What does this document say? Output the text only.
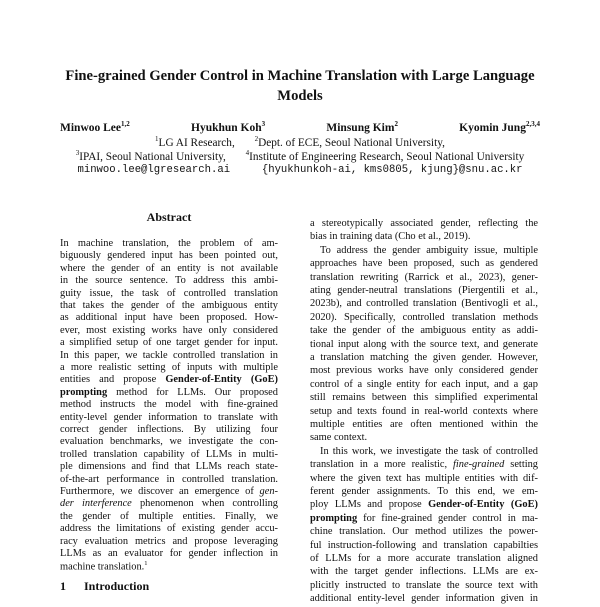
Fine-grained Gender Control in Machine Translation with Large Language
Models
Minwoo Lee$^{1,2}$	Hyukhun Koh$^3$	Minsung Kim$^2$	Kyomin Jung$^{2,3,4}$
$^1$LG AI Research,	$^2$Dept. of ECE, Seoul National University,
$^3$IPAI, Seoul National University,	$^4$Institute of Engineering Research, Seoul National University
minwoo.lee@lgresearch.ai	{hyukhunkoh-ai, kms0805, kjung}@snu.ac.kr
Abstract
In machine translation, the problem of am-
biguously gendered input has been pointed out,
where the gender of an entity is not available
in the source sentence. To address this ambi-
guity issue, the task of controlled translation
that takes the gender of the ambiguous entity
as additional input have been proposed. How-
ever, most existing works have only considered
a simplified setup of one target gender for input.
In this paper, we tackle controlled translation in
a more realistic setting of inputs with multiple
entities and propose Gender-of-Entity (GoE)
prompting method for LLMs. Our proposed
method instructs the model with fine-grained
entity-level gender information to translate with
correct gender inflections. By utilizing four
evaluation benchmarks, we investigate the con-
trolled translation capability of LLMs in multi-
ple dimensions and find that LLMs reach state-
of-the-art performance in controlled translation.
Furthermore, we discover an emergence of gen-
der interference phenomenon when controlling
the gender of multiple entities. Finally, we
address the limitations of existing gender accu-
racy evaluation metrics and propose leveraging
LLMs as an evaluator for gender inflection in
machine translation.$^1$
1 Introduction
a stereotypically associated gender, reflecting the
bias in training data (Cho et al., 2019).
To address the gender ambiguity issue, multiple
approaches have been proposed, such as gendered
translation rewriting (Rarrick et al., 2023), gener-
ating gender-neutral translations (Piergentili et al.,
2023b), and controlled translation (Bentivogli et al.,
2020). Specifically, controlled translation methods
take the gender of the ambiguous entity as addi-
tional input along with the source text, and generate
a translation matching the given gender. However,
most previous works have only considered gender
control of a single entity for each input, and a gap
still remains between this simplified experimental
setup and texts found in real-world contexts where
multiple entities are often mentioned within the
same context.
In this work, we investigate the task of controlled
translation in a more realistic, fine-grained setting
where the given text has multiple entities with dif-
ferent gender assignments. To this end, we em-
ploy LLMs and propose Gender-of-Entity (GoE)
prompting for fine-grained gender control in ma-
chine translation. Our method utilizes the power-
ful instruction-following and translation capabilties
of LLMs for a more accurate translation aligned
with the target gender inflections. LLMs are ex-
plicitly instructed to translate the source text with
additional entity-level gender information given in
